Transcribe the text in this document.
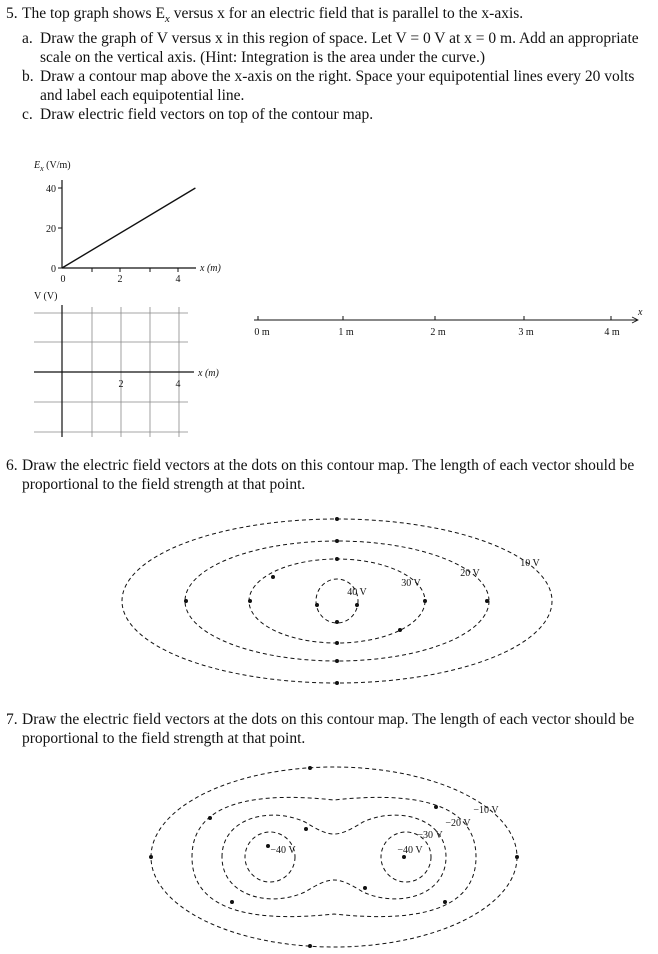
5. The top graph shows $E_x$ versus x for an electric field that is parallel to the x-axis.

a. Draw the graph of V versus x in this region of space. Let V = 0 V at x = 0 m. Add an appropriate scale on the vertical axis. (Hint: Integration is the area under the curve.)

b. Draw a contour map above the x-axis on the right. Space your equipotential lines every 20 volts and label each equipotential line.

c. Draw electric field vectors on top of the contour map.

$E_x$ (V/m)
40
20
0
0	2	4
x (m)
V (V)
2	4
x (m)
0 m	1 m	2 m	3 m	4 m
x
6. Draw the electric field vectors at the dots on this contour map. The length of each vector should be proportional to the field strength at that point.

40 V
30 V
20 V
10 V
7. Draw the electric field vectors at the dots on this contour map. The length of each vector should be proportional to the field strength at that point.

−40 V	−40 V
−30 V
−20 V
−10 V
